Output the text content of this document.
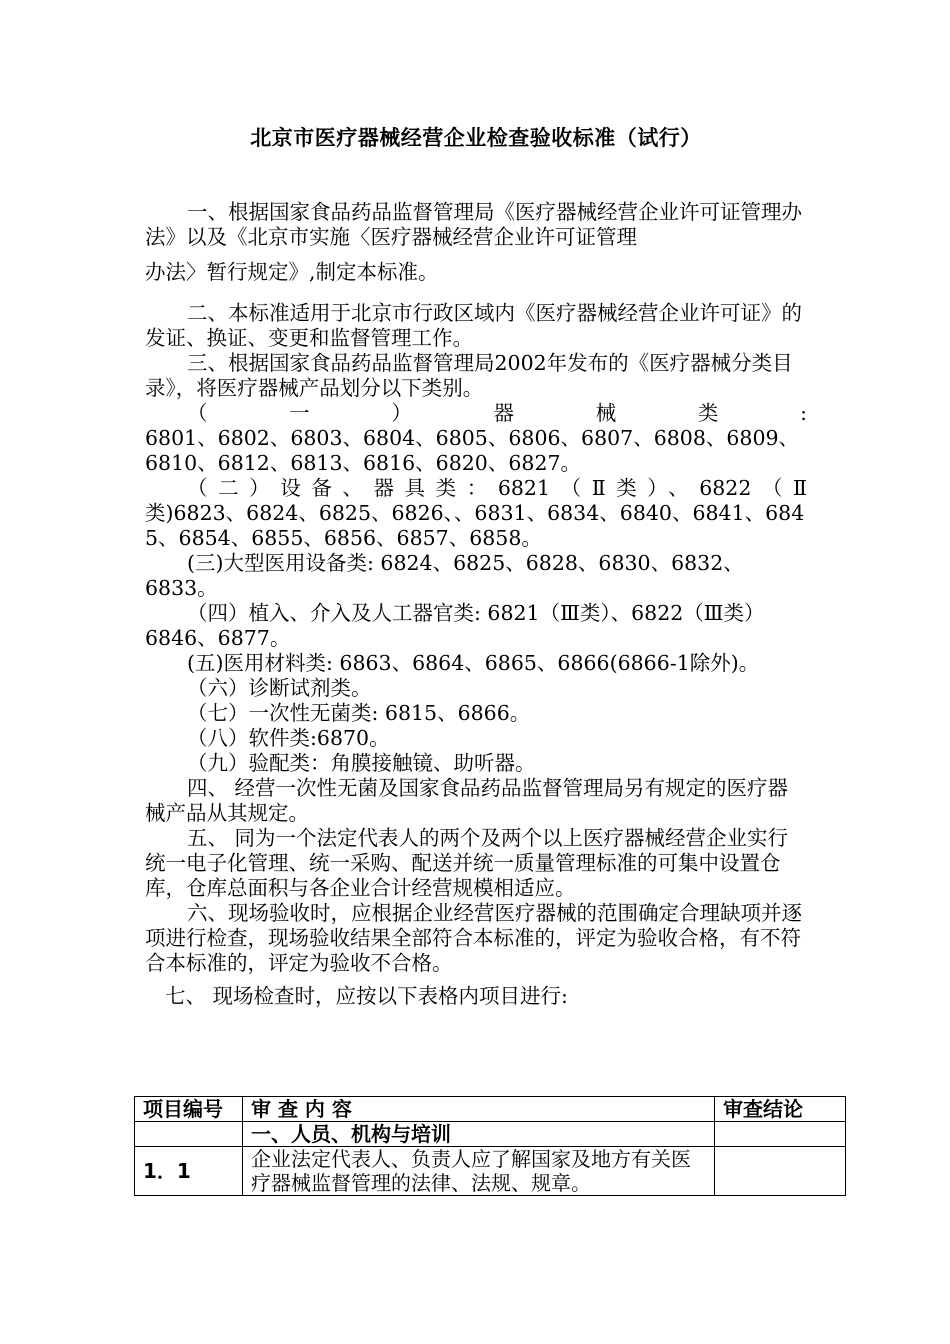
北京市医疗器械经营企业检查验收标准（试行）

一、根据国家食品药品监督管理局《医疗器械经营企业许可证管理办法》以及《北京市实施〈医疗器械经营企业许可证管理

办法〉暂行规定》,制定本标准。

二、本标准适用于北京市行政区域内《医疗器械经营企业许可证》的发证、换证、变更和监督管理工作。

三、根据国家食品药品监督管理局2002年发布的《医疗器械分类目录》，将医疗器械产品划分以下类别。

（ 一 ） 器 械 类 :

6801、6802、6803、6804、6805、6806、6807、6808、6809、6810、6812、6813、6816、6820、6827。

（二）设备、器具类：6821（Ⅱ类）、6822（Ⅱ

类)6823、6824、6825、6826、、6831、6834、6840、6841、6845、6854、6855、6856、6857、6858。

(三)大型医用设备类: 6824、6825、6828、6830、6832、6833。

（四）植入、介入及人工器官类: 6821（Ⅲ类）、6822（Ⅲ类）6846、6877。

(五)医用材料类: 6863、6864、6865、6866(6866-1除外)。

（六）诊断试剂类。

（七）一次性无菌类: 6815、6866。

（八）软件类:6870。

（九）验配类：角膜接触镜、助听器。

四、 经营一次性无菌及国家食品药品监督管理局另有规定的医疗器械产品从其规定。

五、 同为一个法定代表人的两个及两个以上医疗器械经营企业实行统一电子化管理、统一采购、配送并统一质量管理标准的可集中设置仓库，仓库总面积与各企业合计经营规模相适应。

六、现场验收时，应根据企业经营医疗器械的范围确定合理缺项并逐项进行检查，现场验收结果全部符合本标准的，评定为验收合格，有不符合本标准的，评定为验收不合格。

七、 现场检查时，应按以下表格内项目进行:

项目编号	审 查 内 容	审查结论
	一、人员、机构与培训	
1．1	企业法定代表人、负责人应了解国家及地方有关医疗器械监督管理的法律、法规、规章。	
